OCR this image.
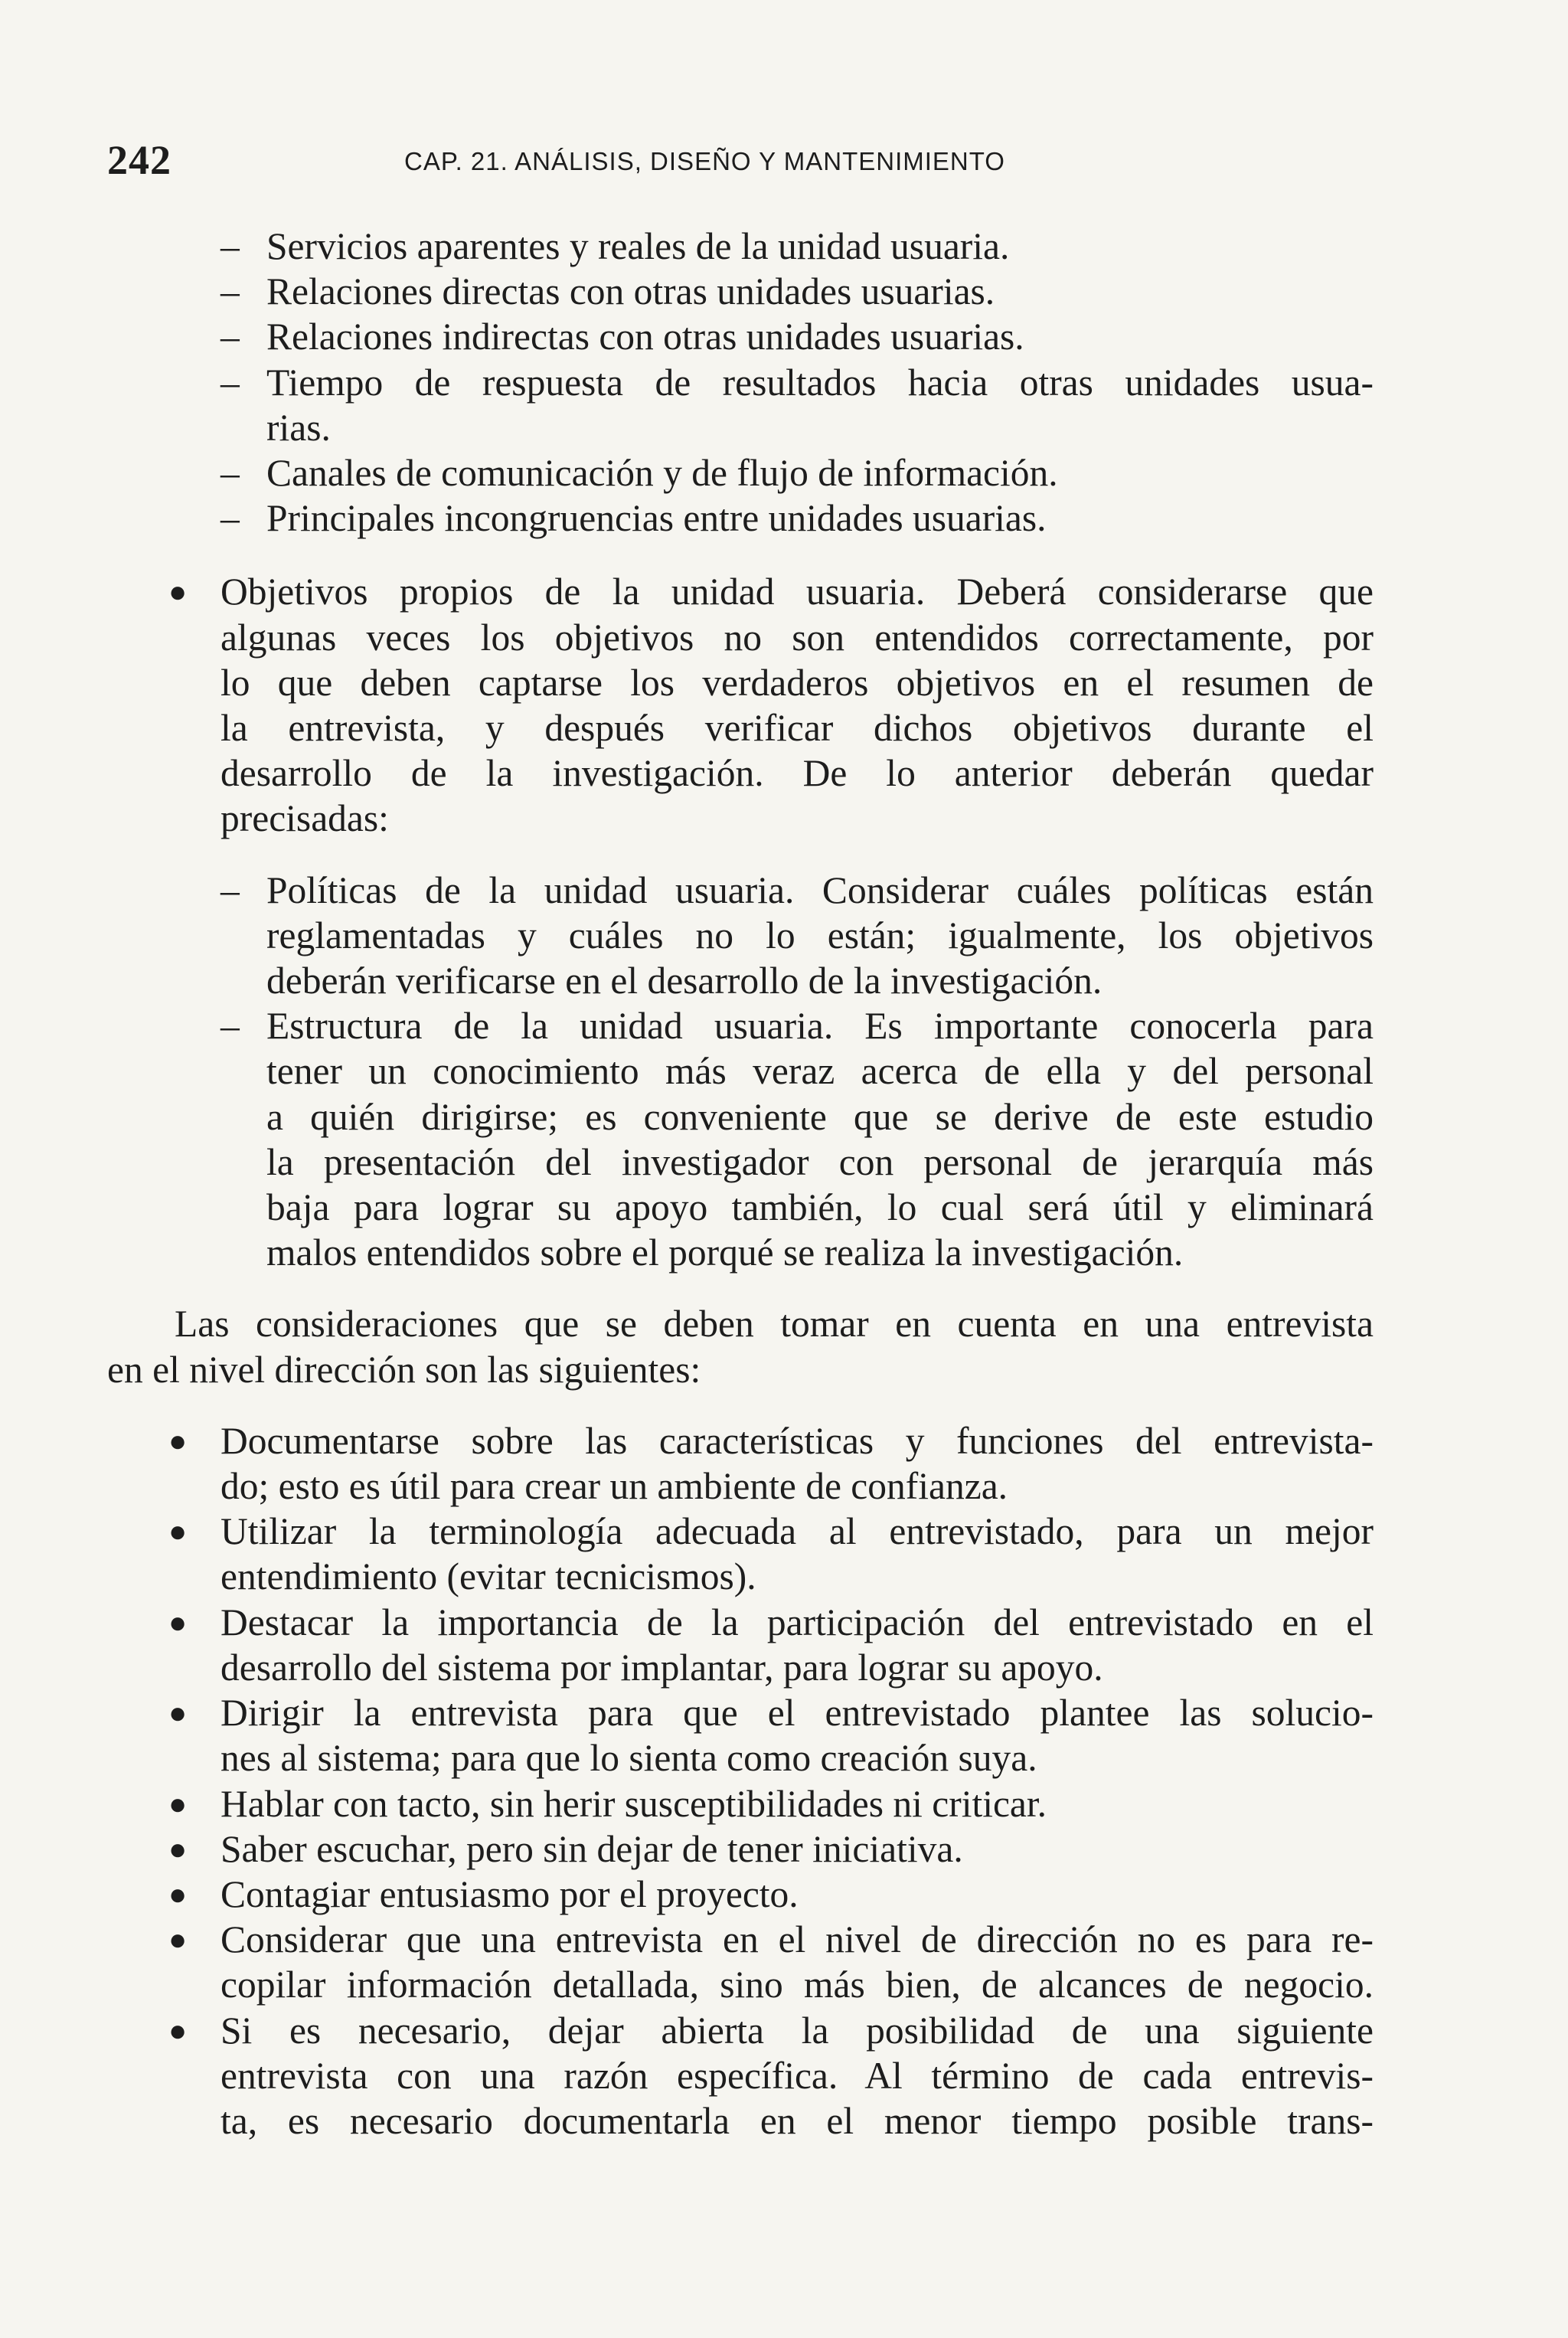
242	CAP. 21. ANÁLISIS, DISEÑO Y MANTENIMIENTO
– Servicios aparentes y reales de la unidad usuaria.
– Relaciones directas con otras unidades usuarias.
– Relaciones indirectas con otras unidades usuarias.
– Tiempo de respuesta de resultados hacia otras unidades usua-
rias.
– Canales de comunicación y de flujo de información.
– Principales incongruencias entre unidades usuarias.
● Objetivos propios de la unidad usuaria. Deberá considerarse que
algunas veces los objetivos no son entendidos correctamente, por
lo que deben captarse los verdaderos objetivos en el resumen de
la entrevista, y después verificar dichos objetivos durante el
desarrollo de la investigación. De lo anterior deberán quedar
precisadas:
– Políticas de la unidad usuaria. Considerar cuáles políticas están
reglamentadas y cuáles no lo están; igualmente, los objetivos
deberán verificarse en el desarrollo de la investigación.
– Estructura de la unidad usuaria. Es importante conocerla para
tener un conocimiento más veraz acerca de ella y del personal
a quién dirigirse; es conveniente que se derive de este estudio
la presentación del investigador con personal de jerarquía más
baja para lograr su apoyo también, lo cual será útil y eliminará
malos entendidos sobre el porqué se realiza la investigación.
Las consideraciones que se deben tomar en cuenta en una entrevista
en el nivel dirección son las siguientes:
● Documentarse sobre las características y funciones del entrevista-
do; esto es útil para crear un ambiente de confianza.
● Utilizar la terminología adecuada al entrevistado, para un mejor
entendimiento (evitar tecnicismos).
● Destacar la importancia de la participación del entrevistado en el
desarrollo del sistema por implantar, para lograr su apoyo.
● Dirigir la entrevista para que el entrevistado plantee las solucio-
nes al sistema; para que lo sienta como creación suya.
● Hablar con tacto, sin herir susceptibilidades ni criticar.
● Saber escuchar, pero sin dejar de tener iniciativa.
● Contagiar entusiasmo por el proyecto.
● Considerar que una entrevista en el nivel de dirección no es para re-
copilar información detallada, sino más bien, de alcances de negocio.
● Si es necesario, dejar abierta la posibilidad de una siguiente
entrevista con una razón específica. Al término de cada entrevis-
ta, es necesario documentarla en el menor tiempo posible trans-
